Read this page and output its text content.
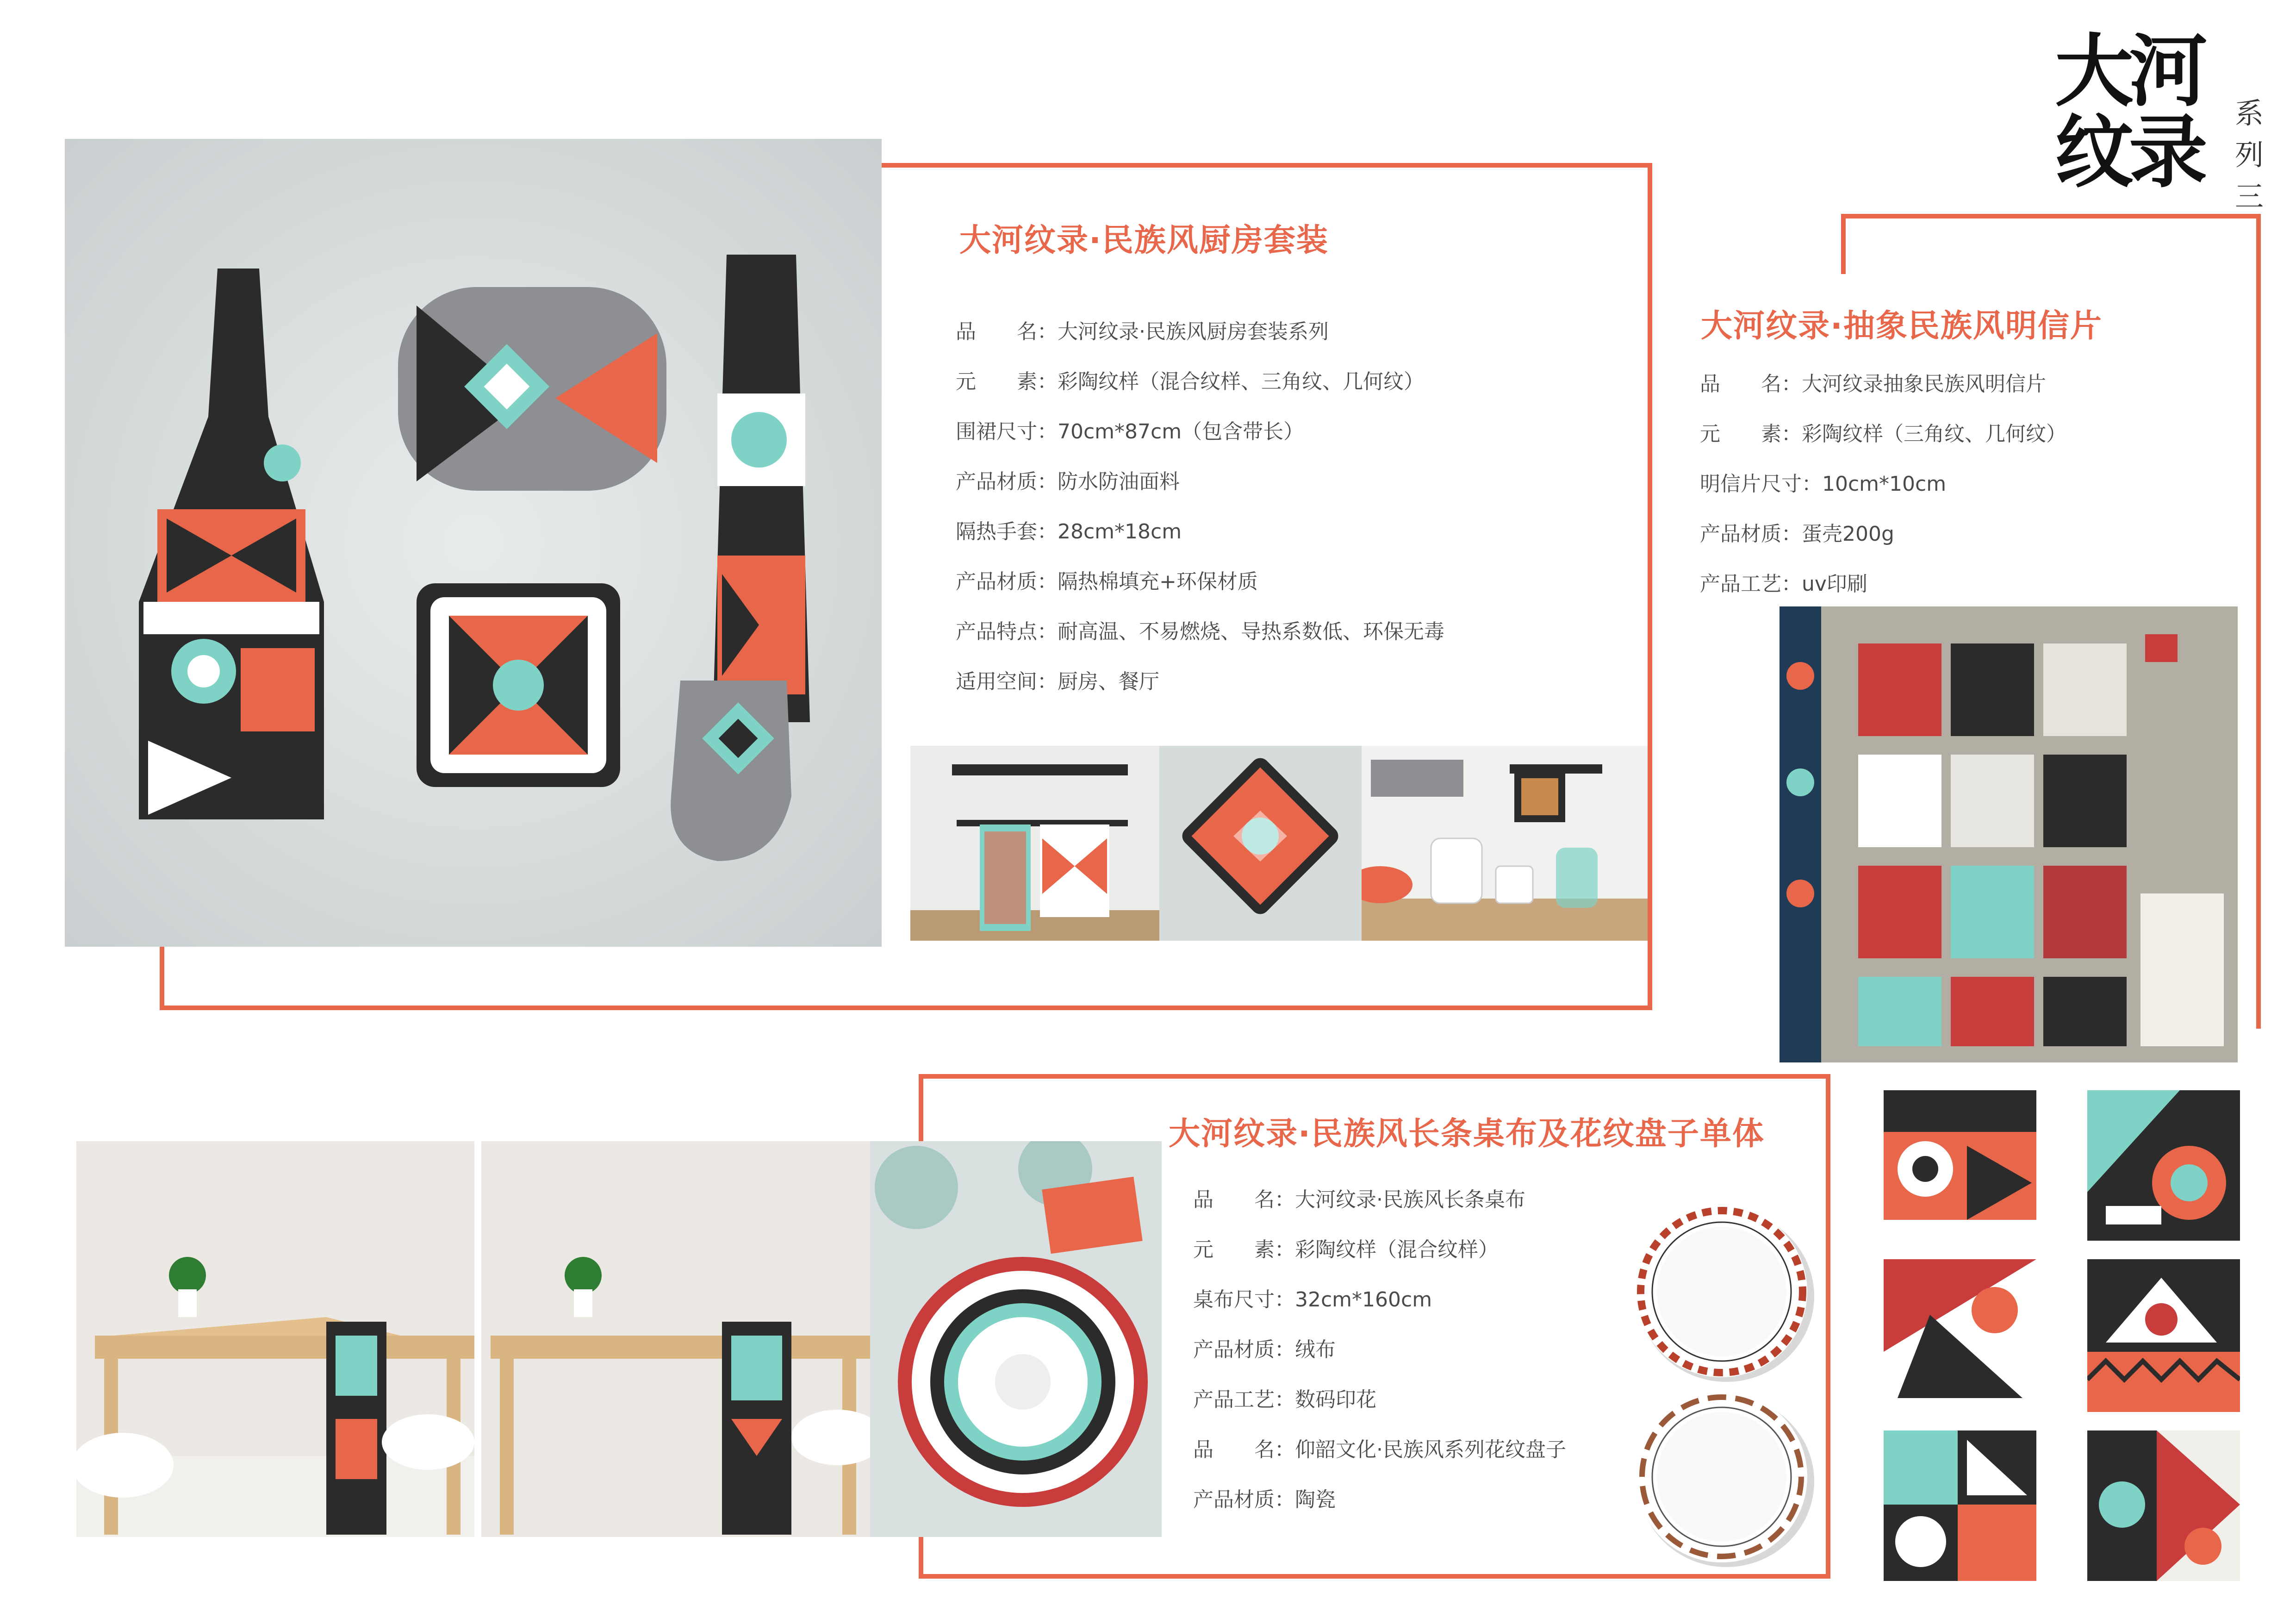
大河
纹录 系
列
三
大河纹录·民族风厨房套装
品　　名：大河纹录·民族风厨房套装系列
元　　素：彩陶纹样（混合纹样、三角纹、几何纹）
围裙尺寸：70cm*87cm（包含带长）
产品材质：防水防油面料
隔热手套：28cm*18cm
产品材质：隔热棉填充+环保材质
产品特点：耐高温、不易燃烧、导热系数低、环保无毒
适用空间：厨房、餐厅
大河纹录·抽象民族风明信片
品　　名：大河纹录抽象民族风明信片
元　　素：彩陶纹样（三角纹、几何纹）
明信片尺寸：10cm*10cm
产品材质：蛋壳200g
产品工艺：uv印刷
大河纹录·民族风长条桌布及花纹盘子单体
品　　名：大河纹录·民族风长条桌布
元　　素：彩陶纹样（混合纹样）
桌布尺寸：32cm*160cm
产品材质：绒布
产品工艺：数码印花
品　　名：仰韶文化·民族风系列花纹盘子
产品材质：陶瓷
